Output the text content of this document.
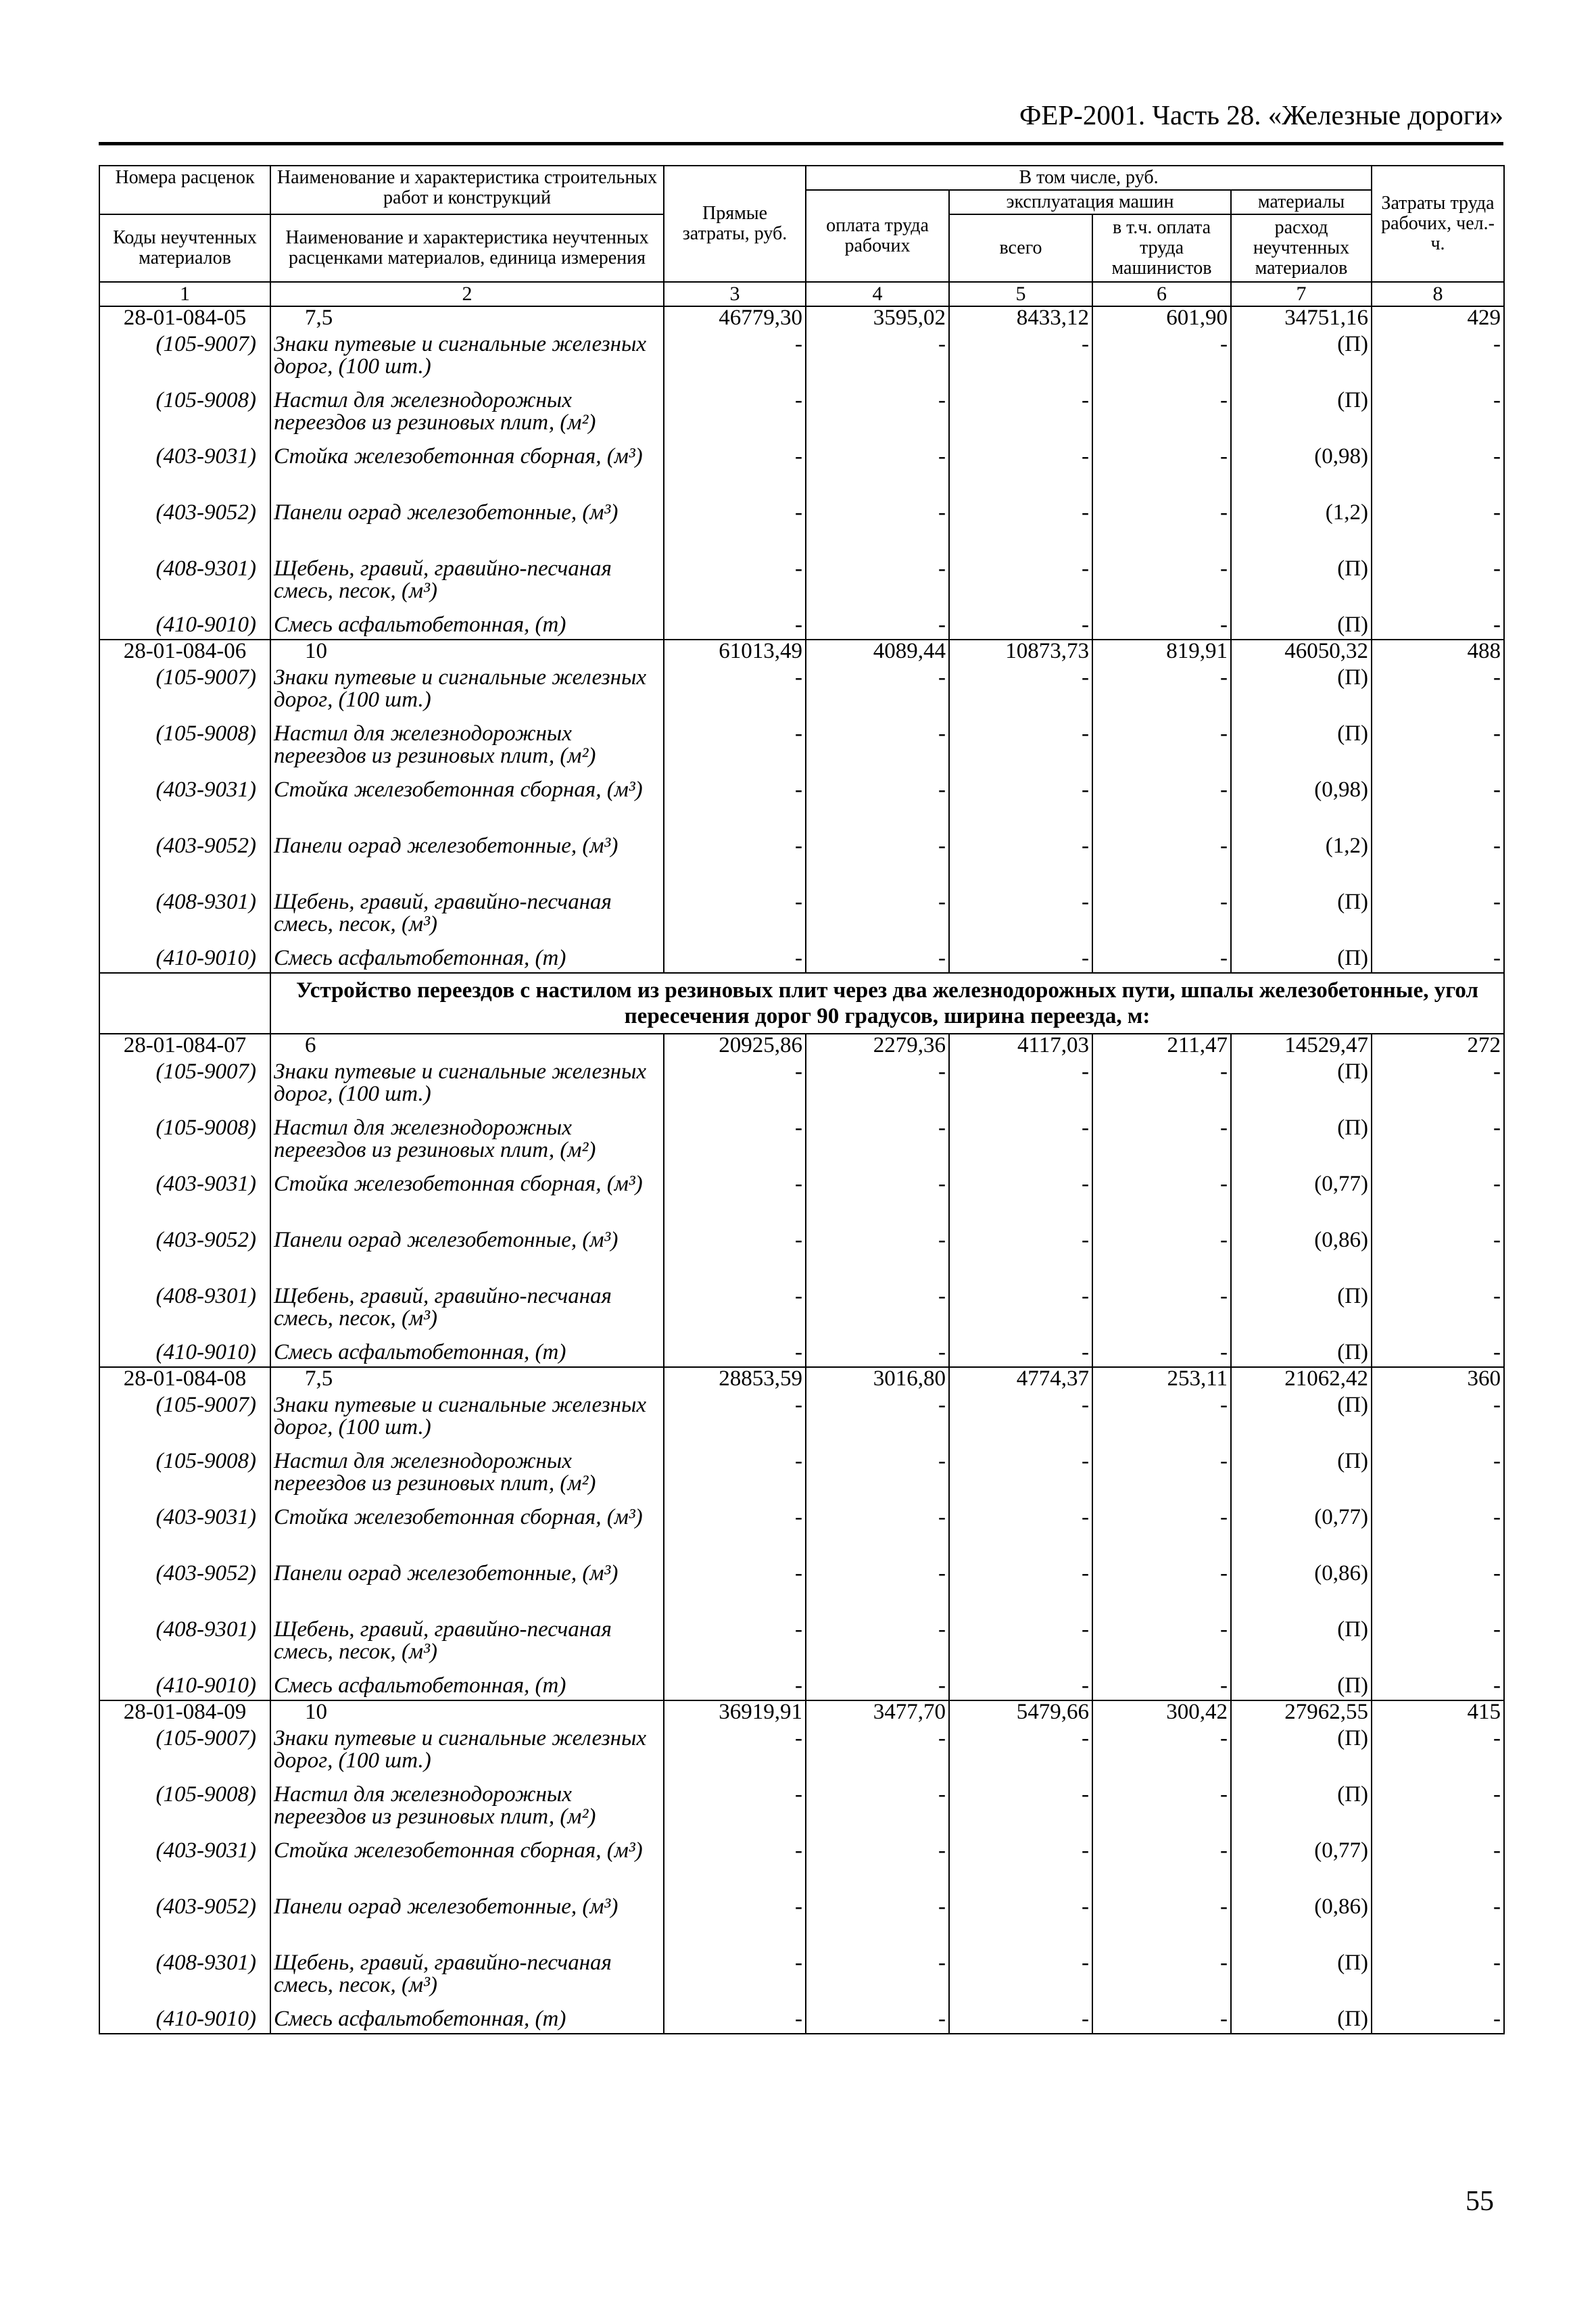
ФЕР-2001. Часть 28. «Железные дороги»
Номера расценок	Наименование и характеристика строительных работ и конструкций	Прямые затраты, руб.	В том числе, руб.				Затраты труда рабочих, чел.-ч.
			оплата труда рабочих	эксплуатация машин		материалы	
Коды неучтенных материалов	Наименование и характеристика неучтенных расценками материалов, единица измерения			всего	в т.ч. оплата труда машинистов	расход неучтенных материалов	

1	2	3	4	5	6	7	8
28-01-084-05	7,5	46779,30	3595,02	8433,12	601,90	34751,16	429
(105-9007)	Знаки путевые и сигнальные железных дорог, (100 шт.)	-	-	-	-	(П)	-
(105-9008)	Настил для железнодорожных переездов из резиновых плит, (м²)	-	-	-	-	(П)	-
(403-9031)	Стойка железобетонная сборная, (м³)	-	-	-	-	(0,98)	-
(403-9052)	Панели оград железобетонные, (м³)	-	-	-	-	(1,2)	-
(408-9301)	Щебень, гравий, гравийно-песчаная смесь, песок, (м³)	-	-	-	-	(П)	-
(410-9010)	Смесь асфальтобетонная, (т)	-	-	-	-	(П)	-
28-01-084-06	10	61013,49	4089,44	10873,73	819,91	46050,32	488
(105-9007)	Знаки путевые и сигнальные железных дорог, (100 шт.)	-	-	-	-	(П)	-
(105-9008)	Настил для железнодорожных переездов из резиновых плит, (м²)	-	-	-	-	(П)	-
(403-9031)	Стойка железобетонная сборная, (м³)	-	-	-	-	(0,98)	-
(403-9052)	Панели оград железобетонные, (м³)	-	-	-	-	(1,2)	-
(408-9301)	Щебень, гравий, гравийно-песчаная смесь, песок, (м³)	-	-	-	-	(П)	-
(410-9010)	Смесь асфальтобетонная, (т)	-	-	-	-	(П)	-
	Устройство переездов с настилом из резиновых плит через два железнодорожных пути, шпалы железобетонные, угол пересечения дорог 90 градусов, ширина переезда, м:						
28-01-084-07	6	20925,86	2279,36	4117,03	211,47	14529,47	272
(105-9007)	Знаки путевые и сигнальные железных дорог, (100 шт.)	-	-	-	-	(П)	-
(105-9008)	Настил для железнодорожных переездов из резиновых плит, (м²)	-	-	-	-	(П)	-
(403-9031)	Стойка железобетонная сборная, (м³)	-	-	-	-	(0,77)	-
(403-9052)	Панели оград железобетонные, (м³)	-	-	-	-	(0,86)	-
(408-9301)	Щебень, гравий, гравийно-песчаная смесь, песок, (м³)	-	-	-	-	(П)	-
(410-9010)	Смесь асфальтобетонная, (т)	-	-	-	-	(П)	-
28-01-084-08	7,5	28853,59	3016,80	4774,37	253,11	21062,42	360
(105-9007)	Знаки путевые и сигнальные железных дорог, (100 шт.)	-	-	-	-	(П)	-
(105-9008)	Настил для железнодорожных переездов из резиновых плит, (м²)	-	-	-	-	(П)	-
(403-9031)	Стойка железобетонная сборная, (м³)	-	-	-	-	(0,77)	-
(403-9052)	Панели оград железобетонные, (м³)	-	-	-	-	(0,86)	-
(408-9301)	Щебень, гравий, гравийно-песчаная смесь, песок, (м³)	-	-	-	-	(П)	-
(410-9010)	Смесь асфальтобетонная, (т)	-	-	-	-	(П)	-
28-01-084-09	10	36919,91	3477,70	5479,66	300,42	27962,55	415
(105-9007)	Знаки путевые и сигнальные железных дорог, (100 шт.)	-	-	-	-	(П)	-
(105-9008)	Настил для железнодорожных переездов из резиновых плит, (м²)	-	-	-	-	(П)	-
(403-9031)	Стойка железобетонная сборная, (м³)	-	-	-	-	(0,77)	-
(403-9052)	Панели оград железобетонные, (м³)	-	-	-	-	(0,86)	-
(408-9301)	Щебень, гравий, гравийно-песчаная смесь, песок, (м³)	-	-	-	-	(П)	-
(410-9010)	Смесь асфальтобетонная, (т)	-	-	-	-	(П)	-
55
